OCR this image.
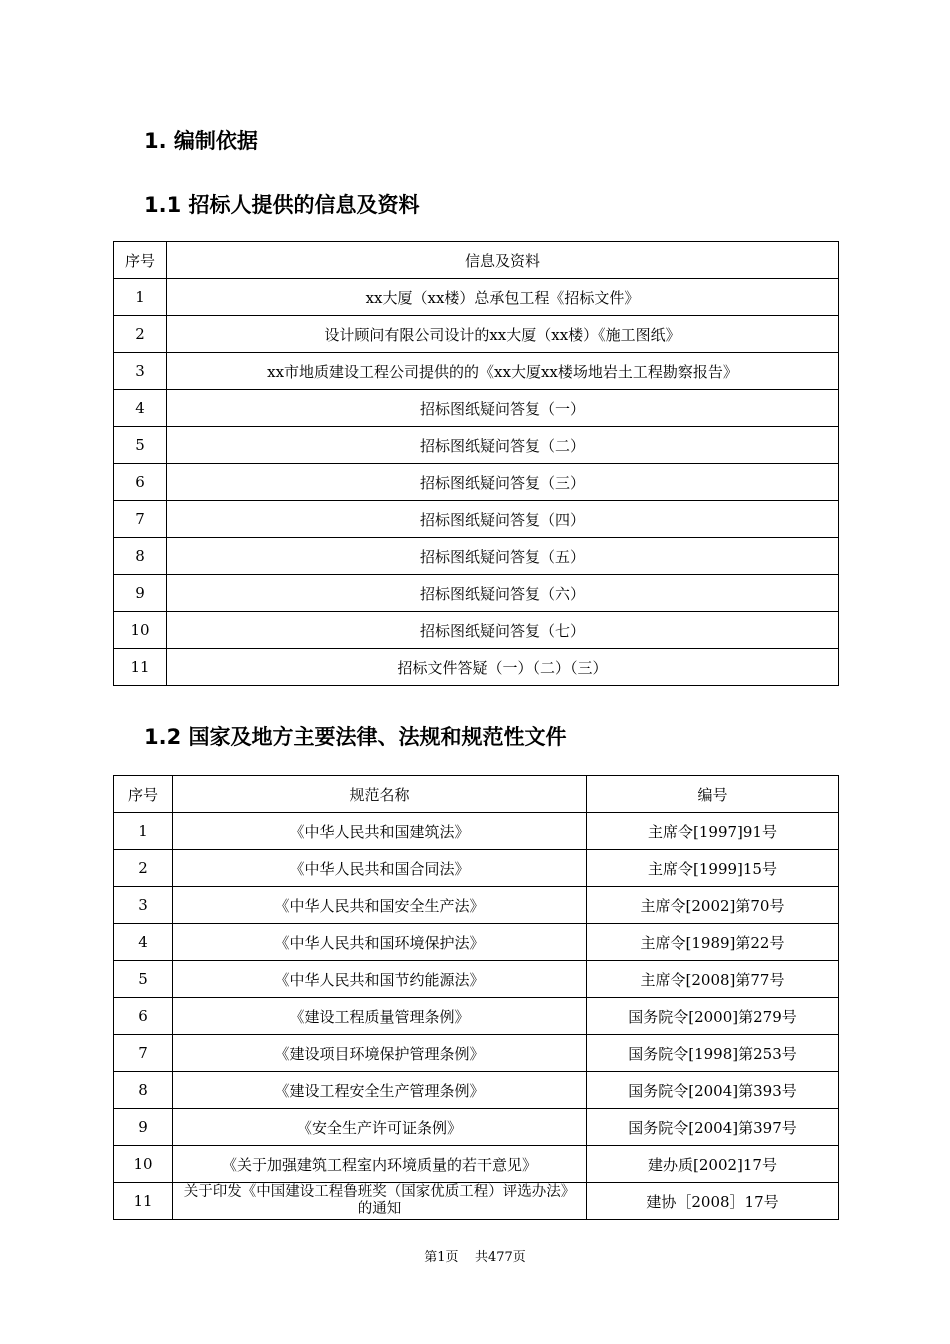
1. 编制依据
1.1 招标人提供的信息及资料
序号	信息及资料
1	xx大厦（xx楼）总承包工程《招标文件》
2	设计顾问有限公司设计的xx大厦（xx楼）《施工图纸》
3	xx市地质建设工程公司提供的的《xx大厦xx楼场地岩土工程勘察报告》
4	招标图纸疑问答复（一）
5	招标图纸疑问答复（二）
6	招标图纸疑问答复（三）
7	招标图纸疑问答复（四）
8	招标图纸疑问答复（五）
9	招标图纸疑问答复（六）
10	招标图纸疑问答复（七）
11	招标文件答疑（一）（二）（三）
1.2 国家及地方主要法律、法规和规范性文件
序号	规范名称	编号
1	《中华人民共和国建筑法》	主席令[1997]91号
2	《中华人民共和国合同法》	主席令[1999]15号
3	《中华人民共和国安全生产法》	主席令[2002]第70号
4	《中华人民共和国环境保护法》	主席令[1989]第22号
5	《中华人民共和国节约能源法》	主席令[2008]第77号
6	《建设工程质量管理条例》	国务院令[2000]第279号
7	《建设项目环境保护管理条例》	国务院令[1998]第253号
8	《建设工程安全生产管理条例》	国务院令[2004]第393号
9	《安全生产许可证条例》	国务院令[2004]第397号
10	《关于加强建筑工程室内环境质量的若干意见》	建办质[2002]17号
11	关于印发《中国建设工程鲁班奖（国家优质工程）评选办法》的通知	建协［2008］17号
第1页    共477页
